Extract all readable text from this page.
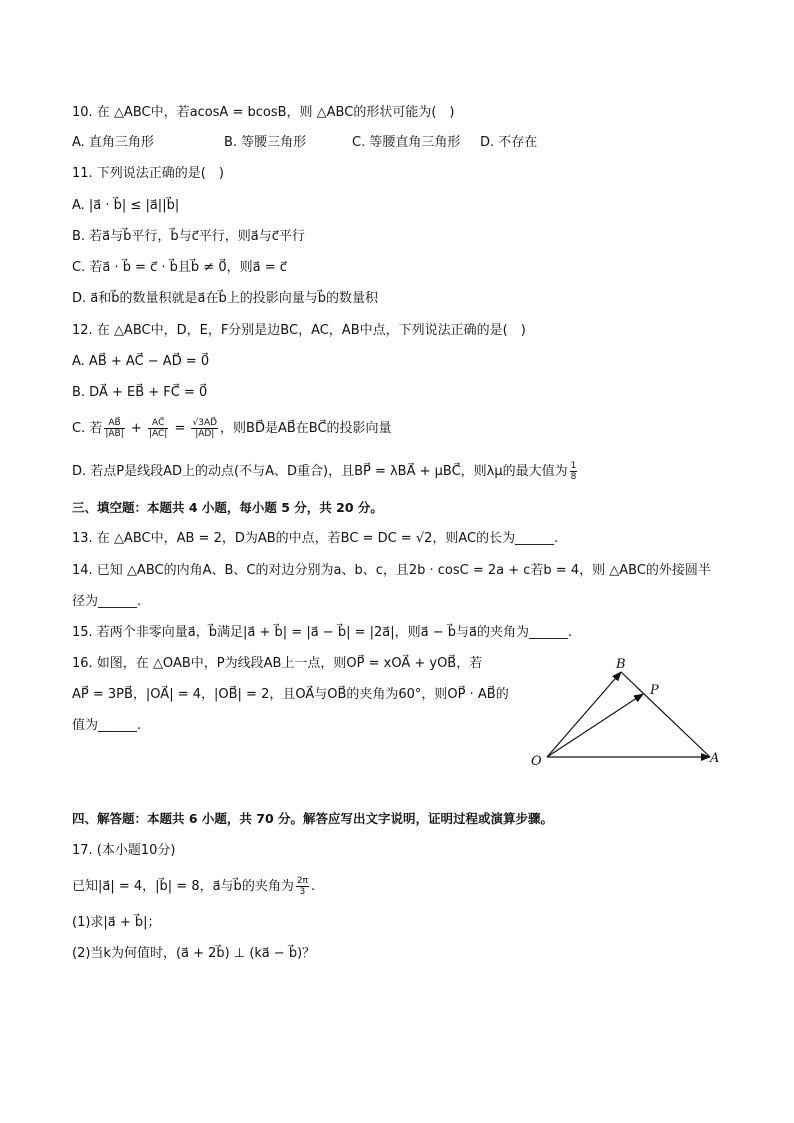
10. 在 △ABC中，若acosA = bcosB，则 △ABC的形状可能为(　)
A. 直角三角形	B. 等腰三角形	C. 等腰直角三角形 D. 不存在
11. 下列说法正确的是(　)
A. |a⃗ · b⃗| ≤ |a⃗||b⃗|
B. 若a⃗与b⃗平行，b⃗与c⃗平行，则a⃗与c⃗平行
C. 若a⃗ · b⃗ = c⃗ · b⃗且b⃗ ≠ 0⃗，则a⃗ = c⃗
D. a⃗和b⃗的数量积就是a⃗在b⃗上的投影向量与b⃗的数量积
12. 在 △ABC中，D，E，F分别是边BC，AC，AB中点，下列说法正确的是(　)
A. AB⃗ + AC⃗ − AD⃗ = 0⃗
B. DA⃗ + EB⃗ + FC⃗ = 0⃗
C. 若 $\frac{AB⃗}{|AB⃗|} + \frac{AC⃗}{|AC⃗|} = \frac{√3AD⃗}{|AD⃗|}$ ，则BD⃗是AB⃗在BC⃗的投影向量
D. 若点P是线段AD上的动点(不与A、D重合)，且BP⃗ = λBA⃗ + μBC⃗，则λμ的最大值为 $\frac{1}{8}$
三、填空题：本题共 4 小题，每小题 5 分，共 20 分。
13. 在 △ABC中，AB = 2，D为AB的中点，若BC = DC = √2，则AC的长为______.
14. 已知 △ABC的内角A、B、C的对边分别为a、b、c，且2b · cosC = 2a + c若b = 4，则 △ABC的外接圆半
径为______.
15. 若两个非零向量a⃗，b⃗满足|a⃗ + b⃗| = |a⃗ − b⃗| = |2a⃗|，则a⃗ − b⃗与a⃗的夹角为______.
16. 如图，在 △OAB中，P为线段AB上一点，则OP⃗ = xOA⃗ + yOB⃗，若
AP⃗ = 3PB⃗，|OA⃗| = 4，|OB⃗| = 2，且OA⃗与OB⃗的夹角为60°，则OP⃗ · AB⃗的
值为______.
B
P
O	A
四、解答题：本题共 6 小题，共 70 分。解答应写出文字说明，证明过程或演算步骤。
17. (本小题10分)
已知|a⃗| = 4，|b⃗| = 8，a⃗与b⃗的夹角为 $\frac{2\pi}{3}$ .
(1)求|a⃗ + b⃗|；
(2)当k为何值时，(a⃗ + 2b⃗) ⊥ (ka⃗ − b⃗)？
